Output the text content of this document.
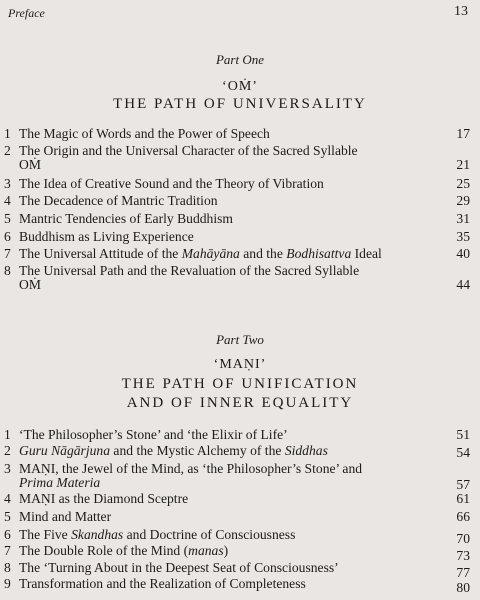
Preface	13
Part One
‘OṀ’
THE PATH OF UNIVERSALITY
1 The Magic of Words and the Power of Speech	17
2 The Origin and the Universal Character of the Sacred Syllable
OṀ	21
3 The Idea of Creative Sound and the Theory of Vibration	25
4 The Decadence of Mantric Tradition	29
5 Mantric Tendencies of Early Buddhism	31
6 Buddhism as Living Experience	35
7 The Universal Attitude of the Mahāyāna and the Bodhisattva Ideal	40
8 The Universal Path and the Revaluation of the Sacred Syllable
OṀ	44
Part Two
‘MAṆI’
THE PATH OF UNIFICATION
AND OF INNER EQUALITY
1 ‘The Philosopher’s Stone’ and ‘the Elixir of Life’	51
2 Guru Nāgārjuna and the Mystic Alchemy of the Siddhas	54
3 MAṆI, the Jewel of the Mind, as ‘the Philosopher’s Stone’ and
Prima Materia	57
4 MAṆI as the Diamond Sceptre	61
5 Mind and Matter	66
6 The Five Skandhas and Doctrine of Consciousness	70
7 The Double Role of the Mind (manas)	73
8 The ‘Turning About in the Deepest Seat of Consciousness’	77
9 Transformation and the Realization of Completeness	80
